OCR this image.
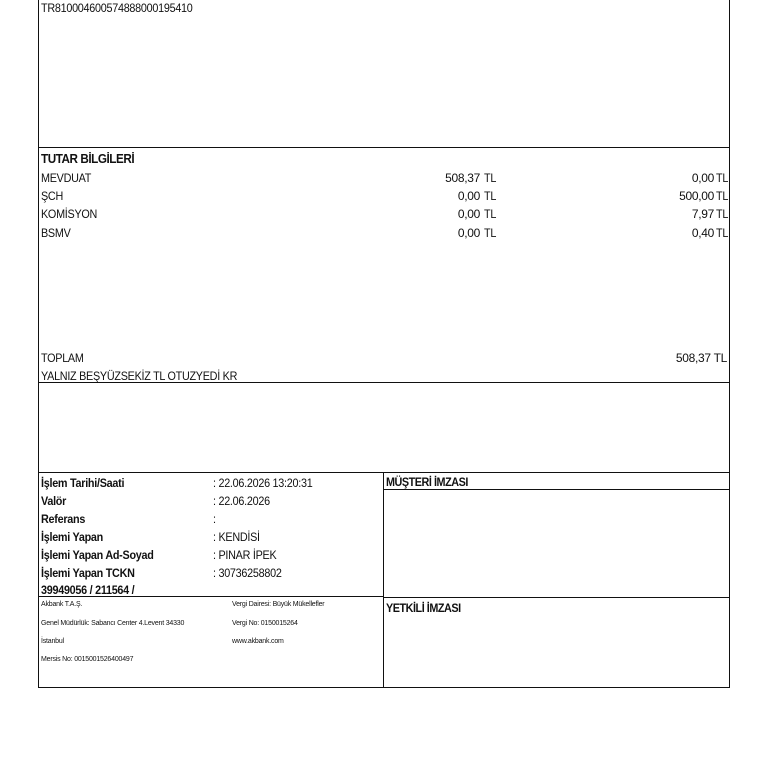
TR810004600574888000195410
TUTAR BİLGİLERİ
MEVDUAT	508,37 TL	0,00 TL
ŞCH	0,00 TL	500,00 TL
KOMİSYON	0,00 TL	7,97 TL
BSMV	0,00 TL	0,40 TL
TOPLAM	508,37 TL
YALNIZ BEŞYÜZSEKİZ TL OTUZYEDİ KR
İşlem Tarihi/Saati	: 22.06.2026 13:20:31
Valör	: 22.06.2026
Referans	:
İşlemi Yapan	: KENDİSİ
İşlemi Yapan Ad-Soyad	: PINAR İPEK
İşlemi Yapan TCKN	: 30736258802
39949056 / 211564 /
MÜŞTERİ İMZASI
YETKİLİ İMZASI
Akbank T.A.Ş.
Genel Müdürlük: Sabancı Center 4.Levent 34330
İstanbul
Mersis No: 0015001526400497
Vergi Dairesi: Büyük Mükellefler
Vergi No: 0150015264
www.akbank.com
